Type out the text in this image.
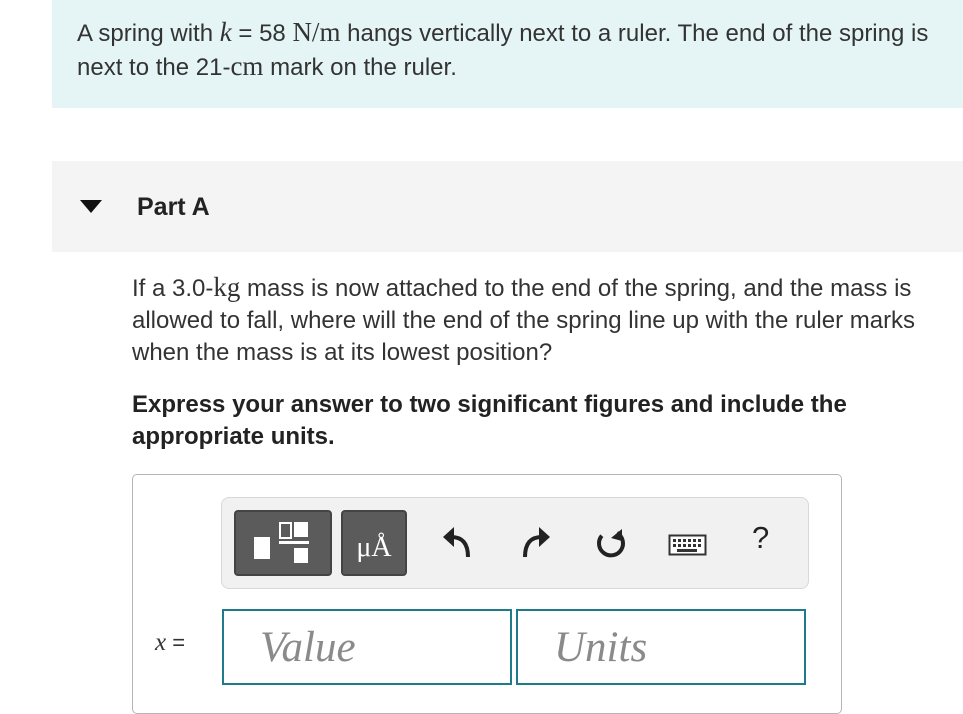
A spring with k = 58 N/m hangs vertically next to a ruler. The end of the spring is next to the 21-cm mark on the ruler.
Part A
If a 3.0-kg mass is now attached to the end of the spring, and the mass is allowed to fall, where will the end of the spring line up with the ruler marks when the mass is at its lowest position?
Express your answer to two significant figures and include the appropriate units.
μÅ	?
x =
Value
Units
